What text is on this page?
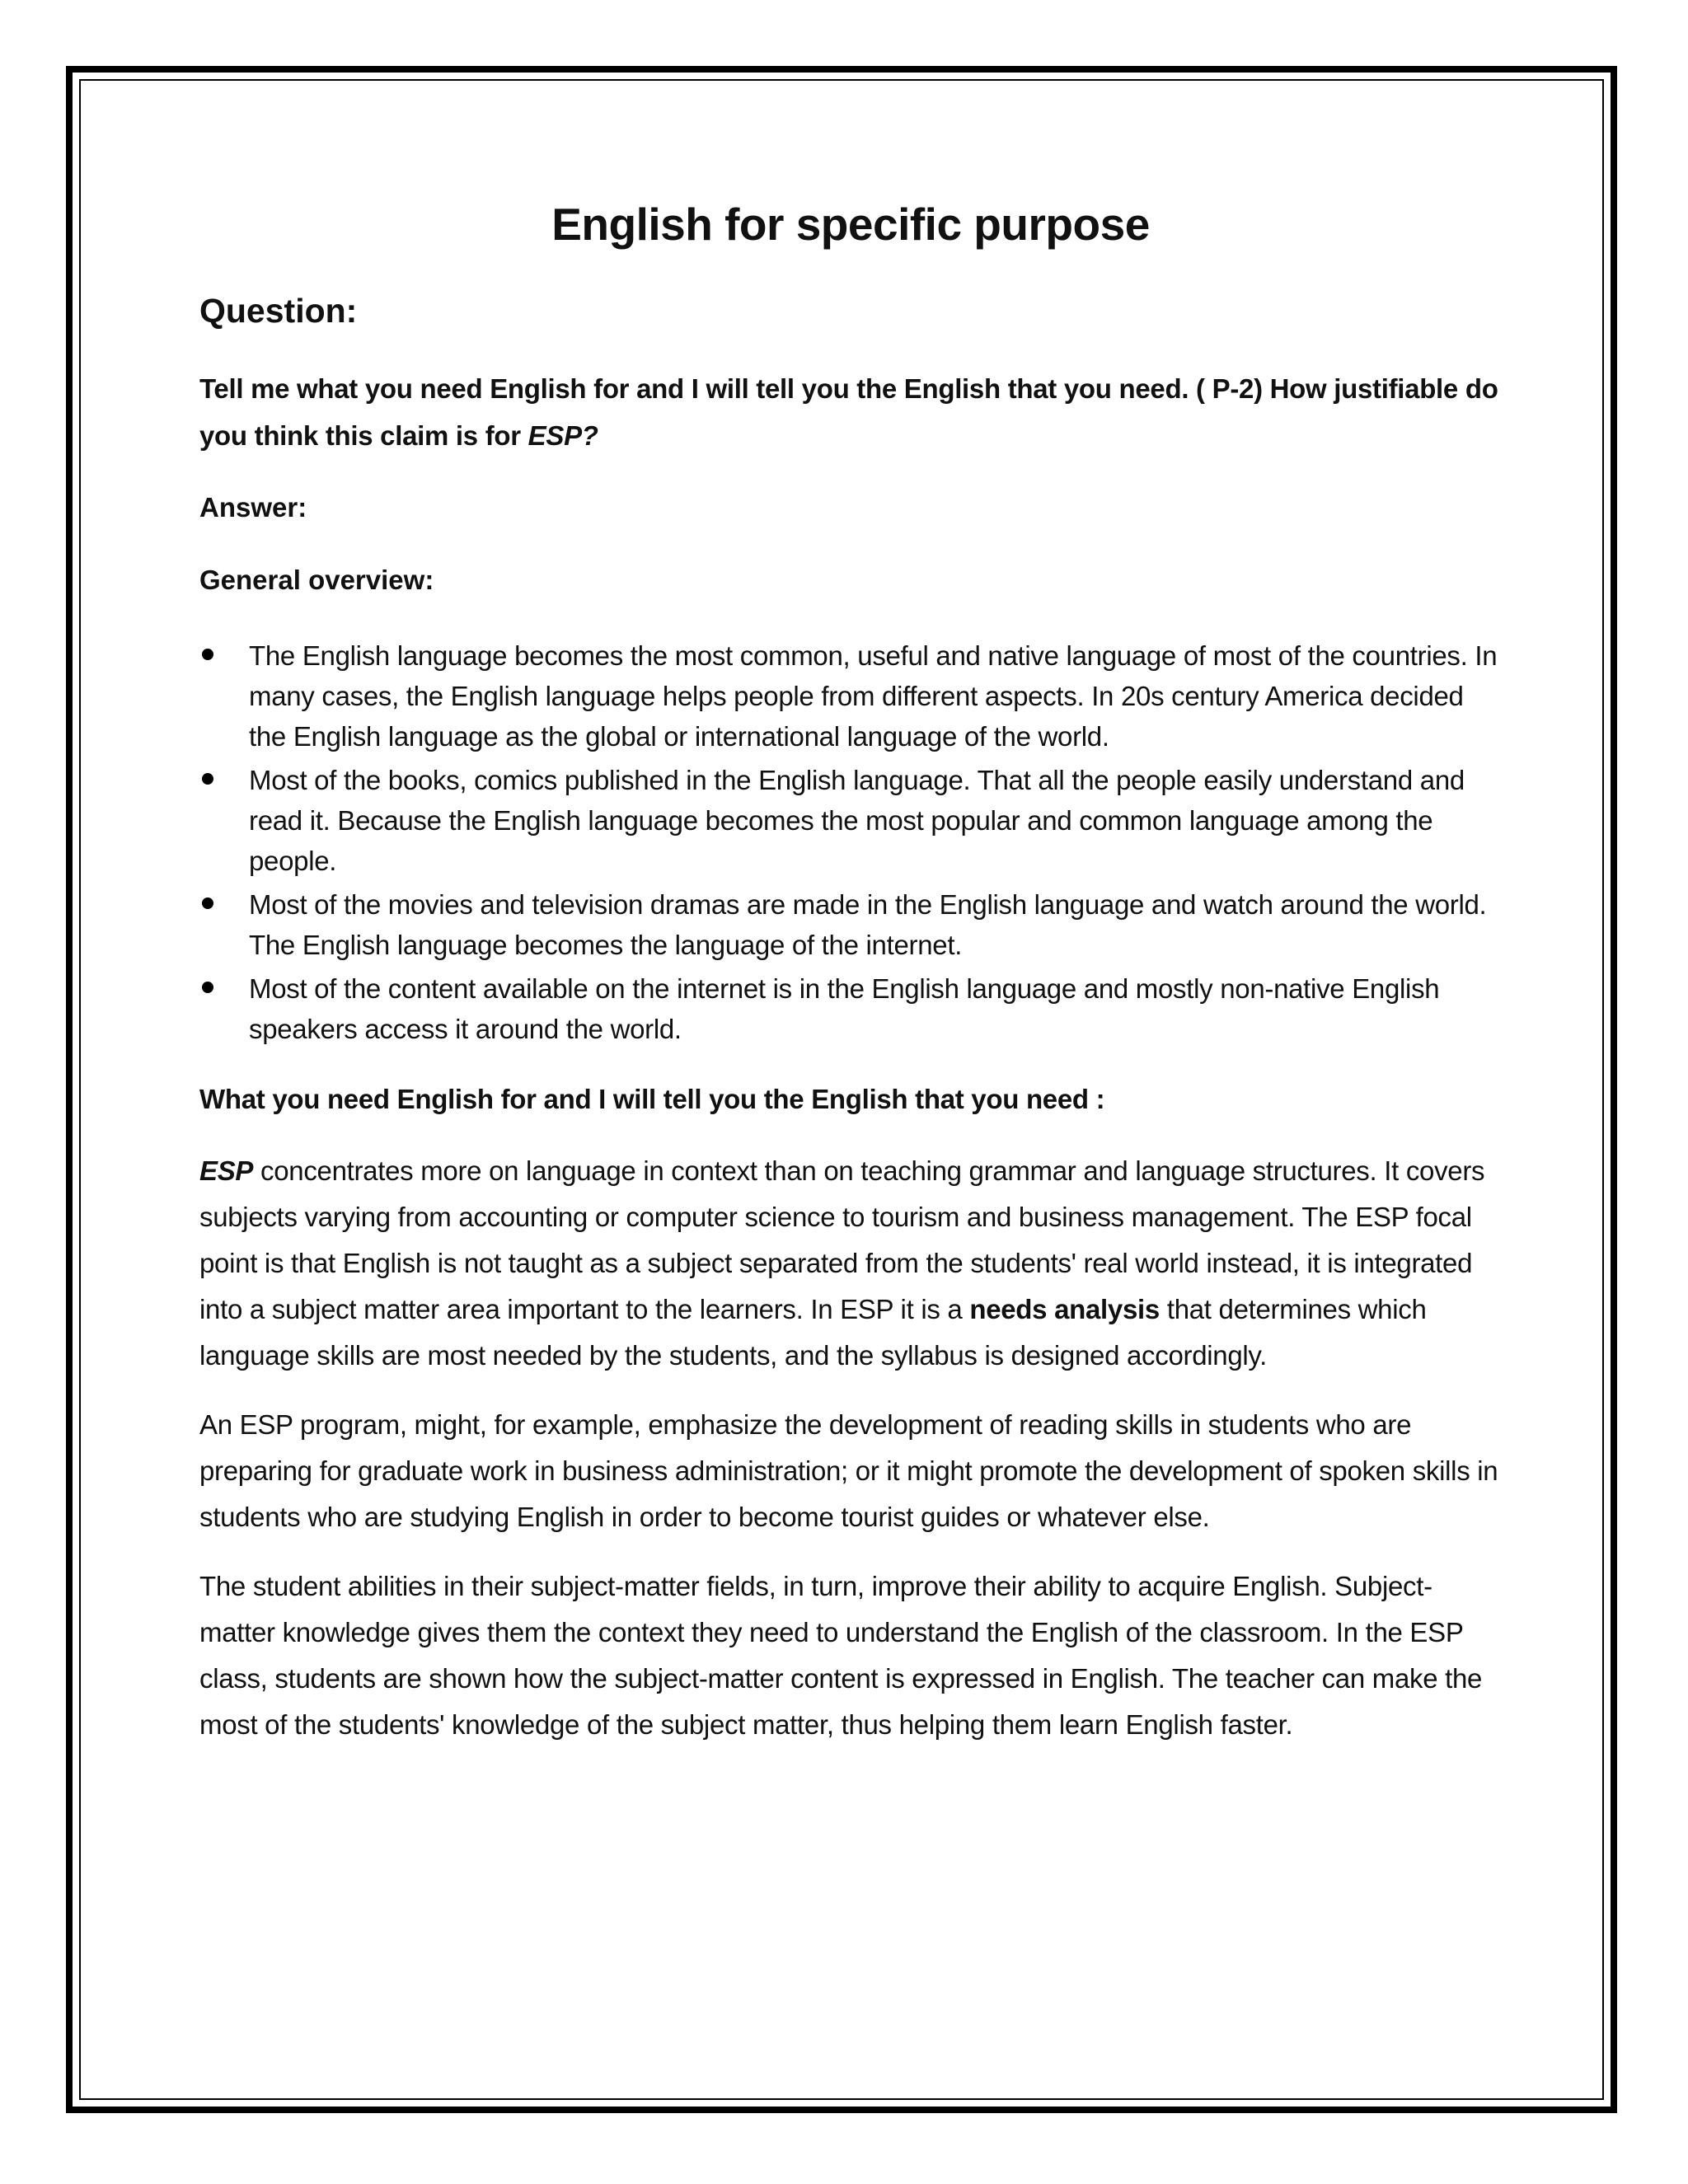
English for specific purpose
Question:
Tell me what you need English for and I will tell you the English that you need. ( P-2) How justifiable do you think this claim is for ESP?
Answer:
General overview:
The English language becomes the most common, useful and native language of most of the countries. In many cases, the English language helps people from different aspects. In 20s century America decided the English language as the global or international language of the world.
Most of the books, comics published in the English language. That all the people easily understand and read it. Because the English language becomes the most popular and common language among the people.
Most of the movies and television dramas are made in the English language and watch around the world. The English language becomes the language of the internet.
Most of the content available on the internet is in the English language and mostly non-native English speakers access it around the world.
What you need English for and I will tell you the English that you need :

ESP concentrates more on language in context than on teaching grammar and language structures. It covers subjects varying from accounting or computer science to tourism and business management. The ESP focal point is that English is not taught as a subject separated from the students' real world instead, it is integrated into a subject matter area important to the learners. In ESP it is a needs analysis that determines which language skills are most needed by the students, and the syllabus is designed accordingly.

An ESP program, might, for example, emphasize the development of reading skills in students who are preparing for graduate work in business administration; or it might promote the development of spoken skills in students who are studying English in order to become tourist guides or whatever else.

The student abilities in their subject-matter fields, in turn, improve their ability to acquire English. Subject-matter knowledge gives them the context they need to understand the English of the classroom. In the ESP class, students are shown how the subject-matter content is expressed in English. The teacher can make the most of the students' knowledge of the subject matter, thus helping them learn English faster.
